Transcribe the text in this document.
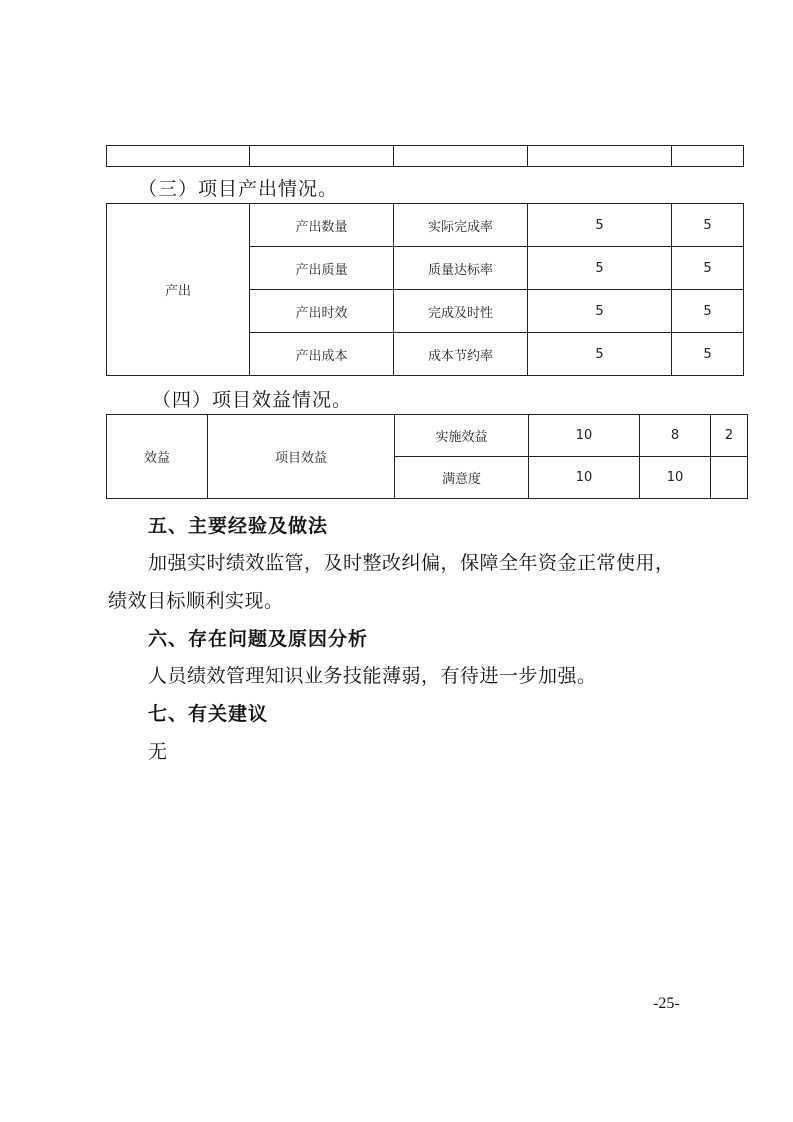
（三）项目产出情况。
产出	产出数量	实际完成率	5	5
	产出质量	质量达标率	5	5
	产出时效	完成及时性	5	5
	产出成本	成本节约率	5	5
（四）项目效益情况。
效益	项目效益	实施效益	10	8	2
		满意度	10	10	
五、主要经验及做法
加强实时绩效监管，及时整改纠偏，保障全年资金正常使用，
绩效目标顺利实现。
六、存在问题及原因分析
人员绩效管理知识业务技能薄弱，有待进一步加强。
七、有关建议
无
-25-
